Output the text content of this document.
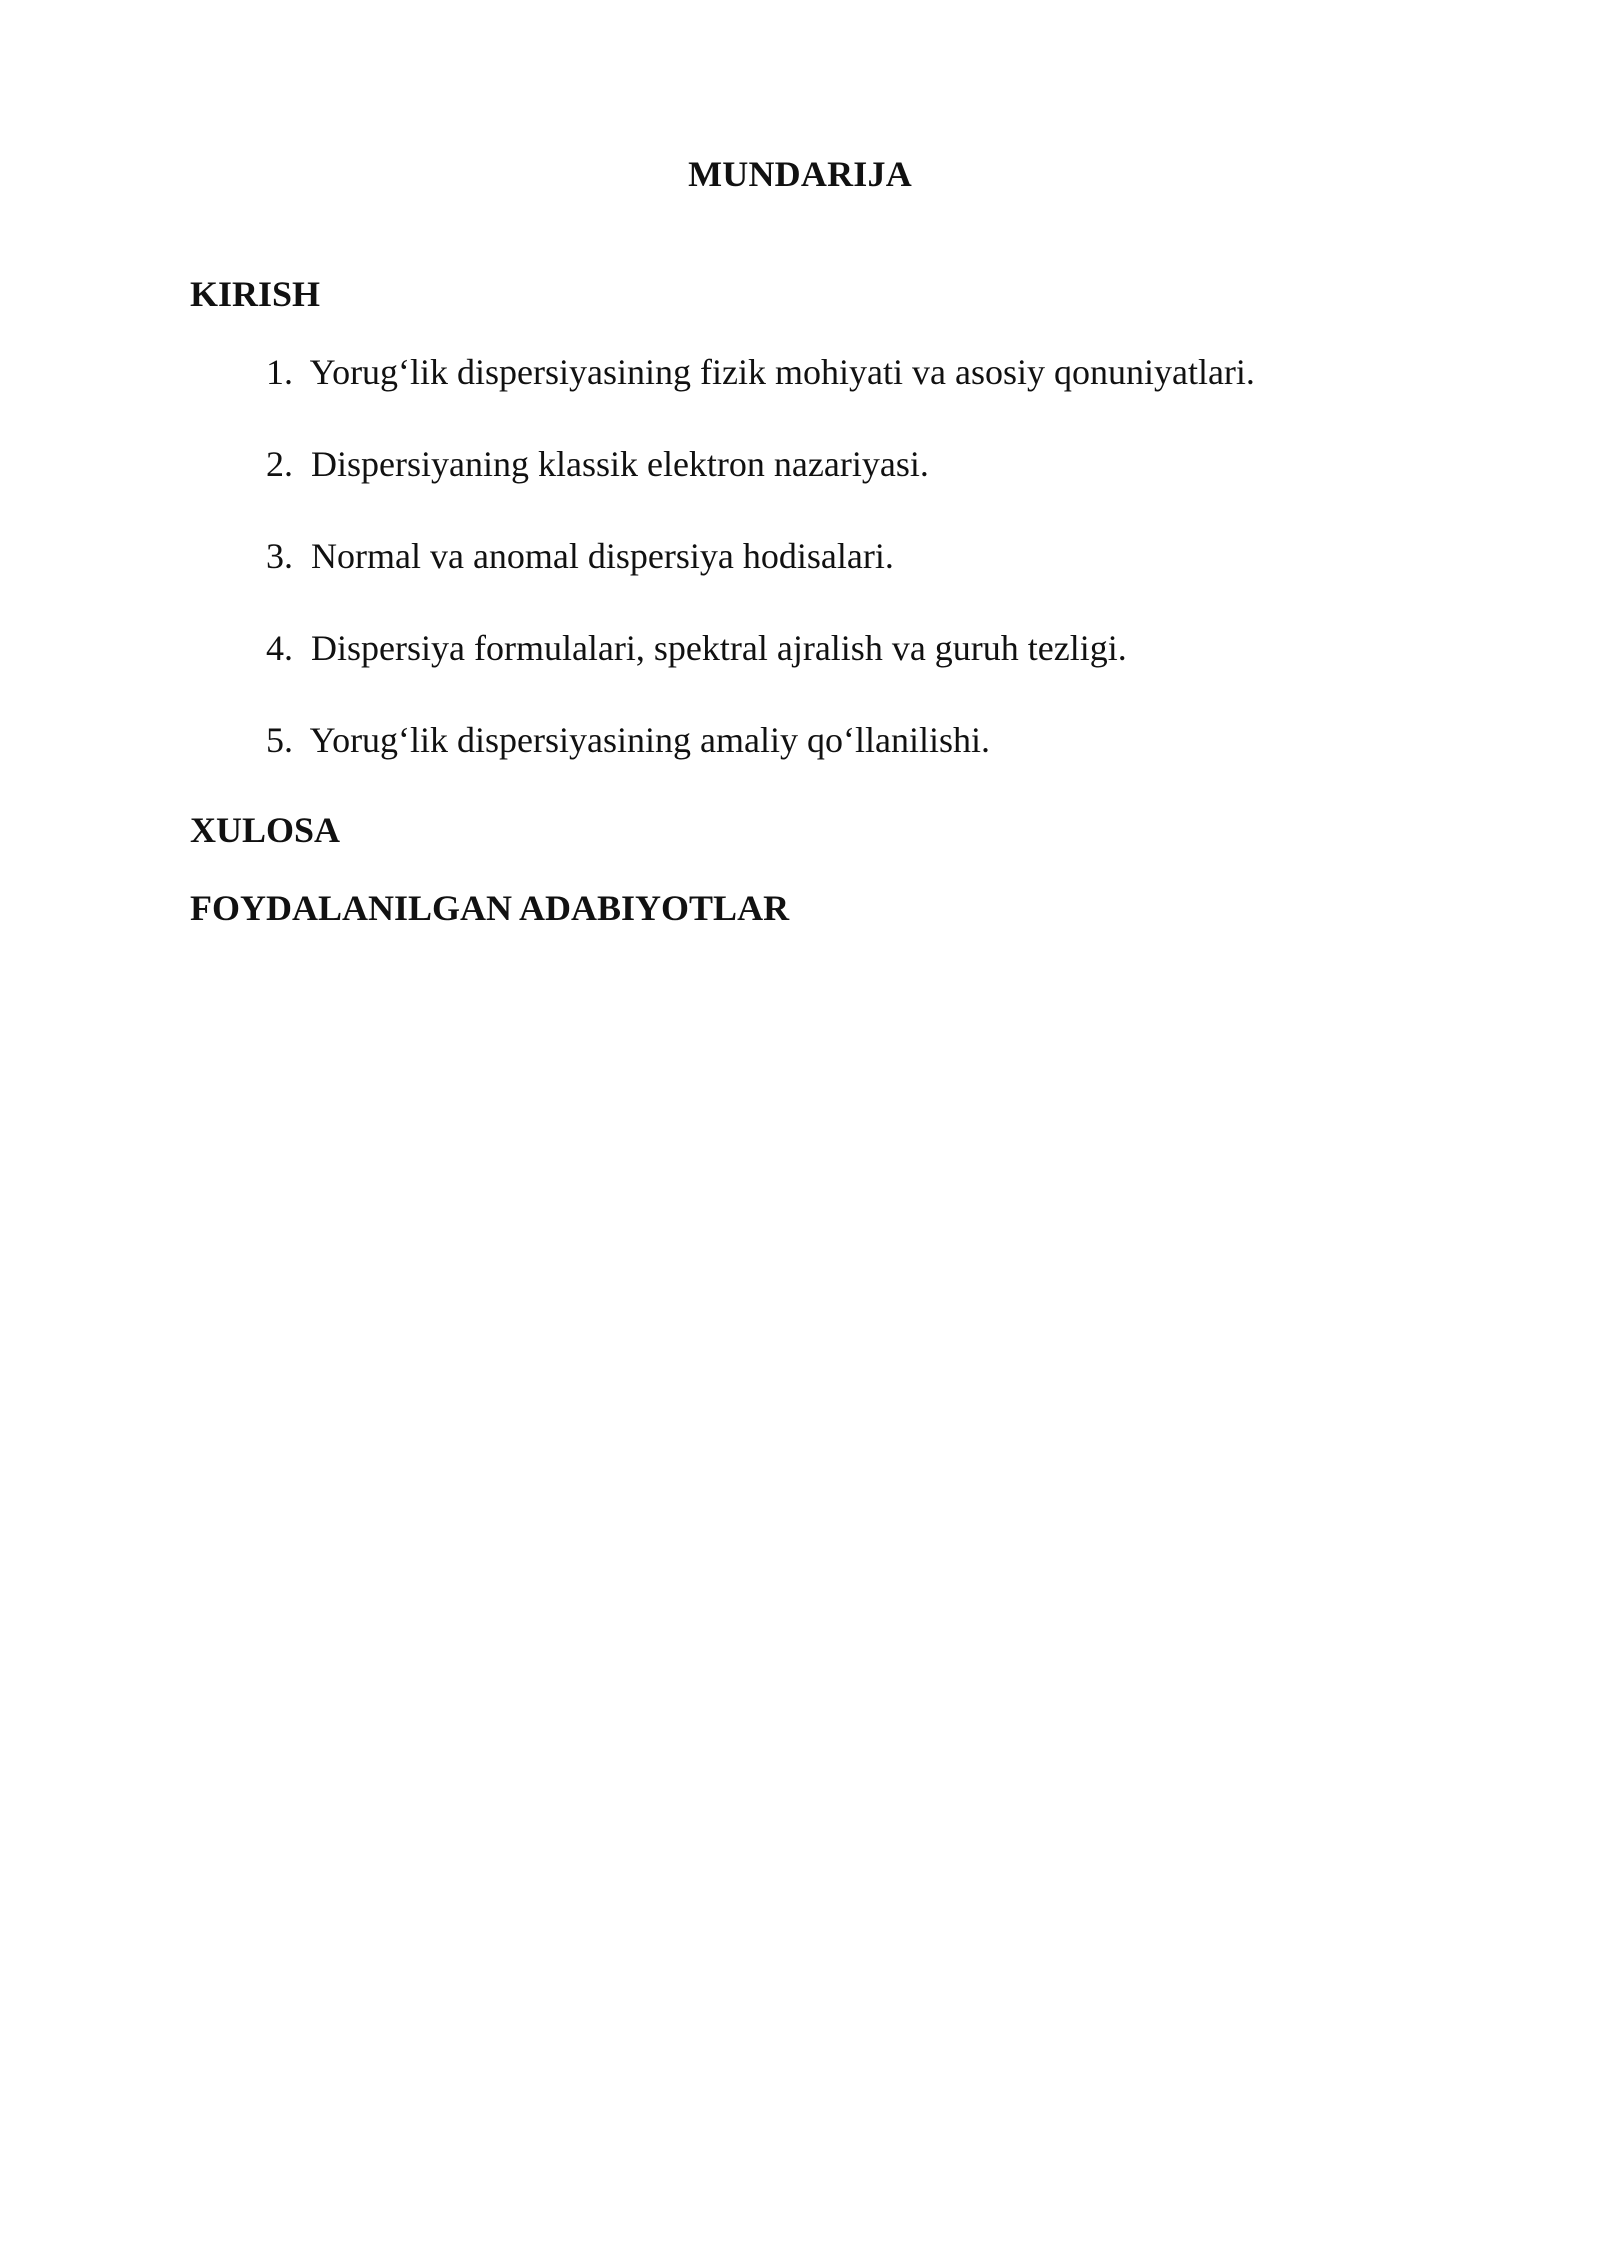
MUNDARIJA
KIRISH
1.  Yorug‘lik dispersiyasining fizik mohiyati va asosiy qonuniyatlari.
2.  Dispersiyaning klassik elektron nazariyasi.
3.  Normal va anomal dispersiya hodisalari.
4.  Dispersiya formulalari, spektral ajralish va guruh tezligi.
5.  Yorug‘lik dispersiyasining amaliy qo‘llanilishi.
XULOSA
FOYDALANILGAN ADABIYOTLAR
